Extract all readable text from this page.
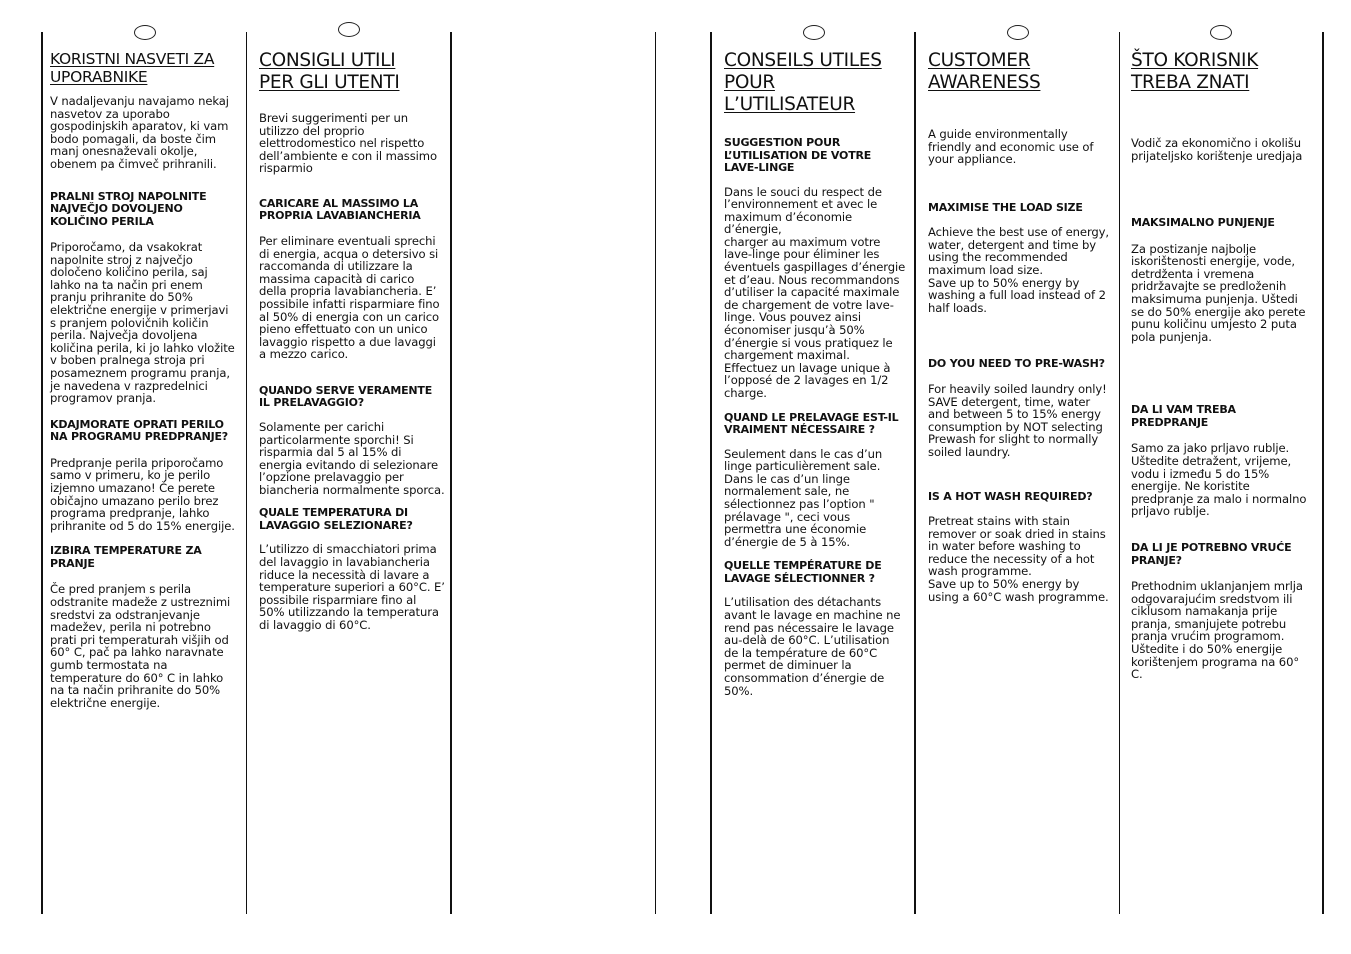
KORISTNI NASVETI ZA
UPORABNIKE

V nadaljevanju navajamo nekaj nasvetov za uporabo gospodinjskih aparatov, ki vam bodo pomagali, da boste čim manj onesnaževali okolje, obenem pa čimveč prihranili.

PRALNI STROJ NAPOLNITE NAJVEČJO DOVOLJENO KOLIČINO PERILA

Priporočamo, da vsakokrat napolnite stroj z največjo določeno količino perila, saj lahko na ta način pri enem pranju prihranite do 50% električne energije v primerjavi s pranjem polovičnih količin perila. Največja dovoljena količina perila, ki jo lahko vložite v boben pralnega stroja pri posameznem programu pranja, je navedena v razpredelnici programov pranja.

KDAJMORATE OPRATI PERILO NA PROGRAMU PREDPRANJE?

Predpranje perila priporočamo samo v primeru, ko je perilo izjemno umazano! Če perete običajno umazano perilo brez programa predpranje, lahko prihranite od 5 do 15% energije.

IZBIRA TEMPERATURE ZA PRANJE

Če pred pranjem s perila odstranite madeže z ustreznimi sredstvi za odstranjevanje madežev, perila ni potrebno prati pri temperaturah višjih od 60° C, pač pa lahko naravnate gumb termostata na temperature do 60° C in lahko na ta način prihranite do 50% električne energije.

CONSIGLI UTILI
PER GLI UTENTI

Brevi suggerimenti per un utilizzo del proprio elettrodomestico nel rispetto dell’ambiente e con il massimo risparmio

CARICARE AL MASSIMO LA PROPRIA LAVABIANCHERIA

Per eliminare eventuali sprechi di energia, acqua o detersivo si raccomanda di utilizzare la massima capacità di carico della propria lavabiancheria. E’ possibile infatti risparmiare fino al 50% di energia con un carico pieno effettuato con un unico lavaggio rispetto a due lavaggi a mezzo carico.

QUANDO SERVE VERAMENTE IL PRELAVAGGIO?

Solamente per carichi particolarmente sporchi! Si risparmia dal 5 al 15% di energia evitando di selezionare l’opzione prelavaggio per biancheria normalmente sporca.

QUALE TEMPERATURA DI LAVAGGIO SELEZIONARE?

L’utilizzo di smacchiatori prima del lavaggio in lavabiancheria riduce la necessità di lavare a temperature superiori a 60°C. E’ possibile risparmiare fino al 50% utilizzando la temperatura di lavaggio di 60°C.

CONSEILS UTILES
POUR L’UTILISATEUR
SUGGESTION POUR L’UTILISATION DE VOTRE LAVE-LINGE

Dans le souci du respect de l’environnement et avec le maximum d’économie d’énergie,
charger au maximum votre lave-linge pour éliminer les éventuels gaspillages d’énergie et d’eau. Nous recommandons d’utiliser la capacité maximale de chargement de votre lave-linge. Vous pouvez ainsi économiser jusqu’à 50% d’énergie si vous pratiquez le chargement maximal.
Effectuez un lavage unique à l’opposé de 2 lavages en 1/2 charge.

QUAND LE PRELAVAGE EST-IL VRAIMENT NÉCESSAIRE ?

Seulement dans le cas d’un linge particulièrement sale. Dans le cas d’un linge normalement sale, ne sélectionnez pas l’option " prélavage ", ceci vous permettra une économie d’énergie de 5 à 15%.

QUELLE TEMPÉRATURE DE LAVAGE SÉLECTIONNER ?

L’utilisation des détachants avant le lavage en machine ne rend pas nécessaire le lavage
au-delà de 60°C. L’utilisation de la température de 60°C permet de diminuer la consommation d’énergie de 50%.

CUSTOMER
AWARENESS

A guide environmentally friendly and economic use of your appliance.

MAXIMISE THE LOAD SIZE

Achieve the best use of energy, water, detergent and time by using the recommended maximum load size.
Save up to 50% energy by washing a full load instead of 2 half loads.

DO YOU NEED TO PRE-WASH?

For heavily soiled laundry only!
SAVE detergent, time, water and between 5 to 15% energy consumption by NOT selecting Prewash for slight to normally soiled laundry.

IS A HOT WASH REQUIRED?

Pretreat stains with stain remover or soak dried in stains in water before washing to reduce the necessity of a hot wash programme.
Save up to 50% energy by using a 60°C wash programme.

ŠTO KORISNIK
TREBA ZNATI

Vodič za ekonomično i okolišu prijateljsko korištenje uredjaja

MAKSIMALNO PUNJENJE

Za postizanje najbolje iskorištenosti energije, vode, detrdženta i vremena pridržavajte se predloženih maksimuma punjenja. Uštedi se do 50% energije ako perete punu količinu umjesto 2 puta pola punjenja.

DA LI VAM TREBA PREDPRANJE

Samo za jako prljavo rublje. Uštedite detražent, vrijeme, vodu i između 5 do 15% energije. Ne koristite predpranje za malo i normalno prljavo rublje.

DA LI JE POTREBNO VRUĆE PRANJE?

Prethodnim uklanjanjem mrlja odgovarajućim sredstvom ili ciklusom namakanja prije pranja, smanjujete potrebu pranja vrućim programom. Uštedite i do 50% energije korištenjem programa na 60° C.
